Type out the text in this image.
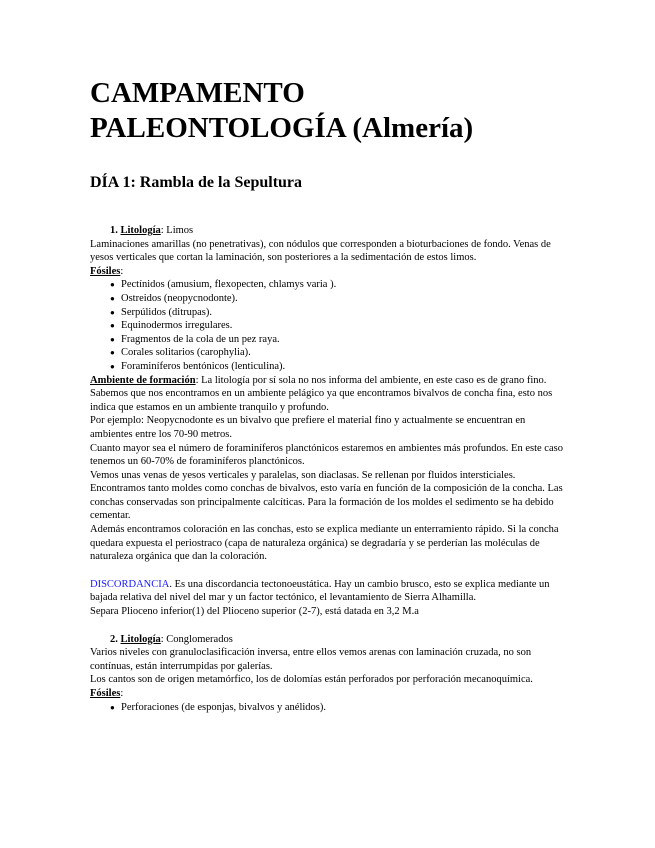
CAMPAMENTO
PALEONTOLOGÍA (Almería)
DÍA 1: Rambla de la Sepultura

1. Litología: Limos

Laminaciones amarillas (no penetrativas), con nódulos que corresponden a bioturbaciones de fondo. Venas de yesos verticales que cortan la laminación, son posteriores a la sedimentación de estos limos.

Fósiles:

● Pectínidos (amusium, flexopecten, chlamys varia ).
● Ostreidos (neopycnodonte).
● Serpúlidos (ditrupas).
● Equinodermos irregulares.
● Fragmentos de la cola de un pez raya.
● Corales solitarios (carophylia).
● Foraminíferos bentónicos (lenticulina).

Ambiente de formación: La litología por sí sola no nos informa del ambiente, en este caso es de grano fino. Sabemos que nos encontramos en un ambiente pelágico ya que encontramos bivalvos de concha fina, esto nos indica que estamos en un ambiente tranquilo y profundo.

Por ejemplo: Neopycnodonte es un bivalvo que prefiere el material fino y actualmente se encuentran en ambientes entre los 70-90 metros.

Cuanto mayor sea el número de foraminíferos planctónicos estaremos en ambientes más profundos. En este caso tenemos un 60-70% de foraminíferos planctónicos.

Vemos unas venas de yesos verticales y paralelas, son diaclasas. Se rellenan por fluidos intersticiales.

Encontramos tanto moldes como conchas de bivalvos, esto varía en función de la composición de la concha. Las conchas conservadas son principalmente calcíticas. Para la formación de los moldes el sedimento se ha debido cementar.

Además encontramos coloración en las conchas, esto se explica mediante un enterramiento rápido. Si la concha quedara expuesta el periostraco (capa de naturaleza orgánica) se degradaría y se perderían las moléculas de naturaleza orgánica que dan la coloración.

DISCORDANCIA. Es una discordancia tectonoeustática. Hay un cambio brusco, esto se explica mediante un bajada relativa del nivel del mar y un factor tectónico, el levantamiento de Sierra Alhamilla.

Separa Plioceno inferior(1) del Plioceno superior (2-7), está datada en 3,2 M.a

2. Litología: Conglomerados

Varios niveles con granuloclasificación inversa, entre ellos vemos arenas con laminación cruzada, no son contínuas, están interrumpidas por galerías.

Los cantos son de origen metamórfico, los de dolomías están perforados por perforación mecanoquímica.

Fósiles:

● Perforaciones (de esponjas, bivalvos y anélidos).
